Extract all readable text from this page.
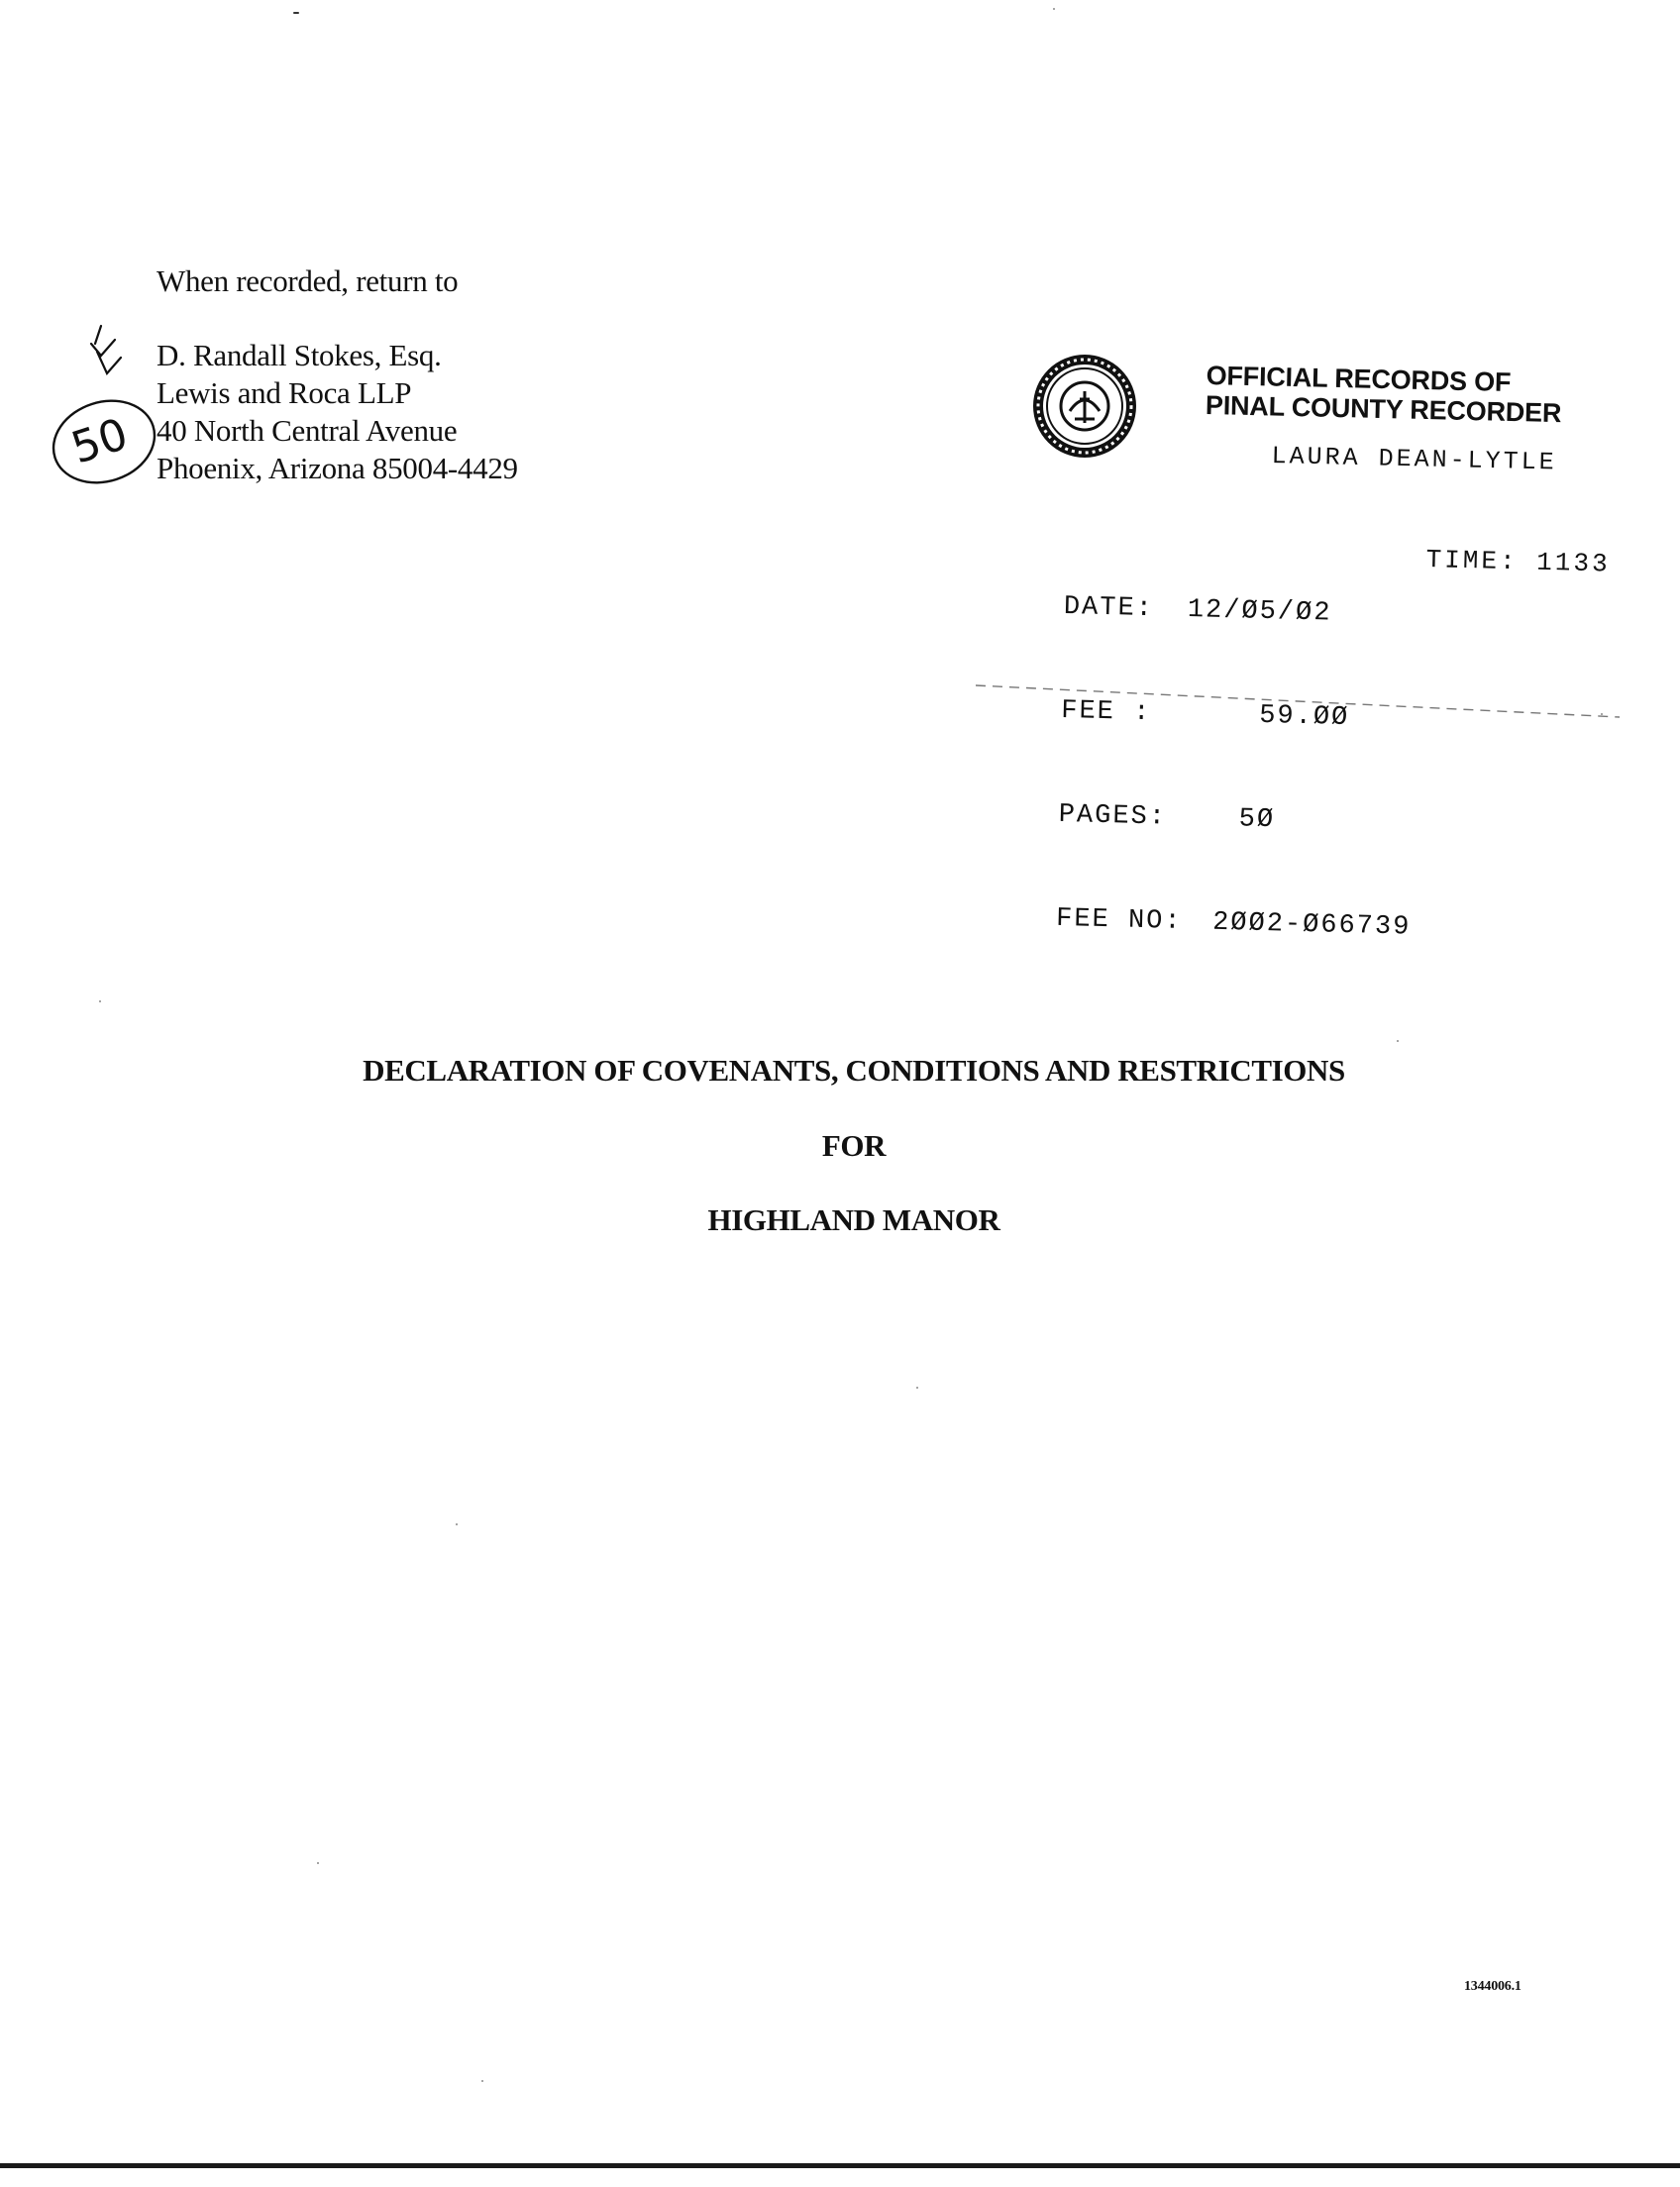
When recorded, return to
D. Randall Stokes, Esq.
Lewis and Roca LLP
40 North Central Avenue
Phoenix, Arizona 85004-4429
50
OFFICIAL RECORDS OF
PINAL COUNTY RECORDER
LAURA DEAN-LYTLE

DATE:

12/Ø5/Ø2

FEE :

	59.ØØ

PAGES:

	5Ø

FEE NO:

2ØØ2-Ø66739

TIME: 1133
DECLARATION OF COVENANTS, CONDITIONS AND RESTRICTIONS
FOR
HIGHLAND MANOR
1344006.1
